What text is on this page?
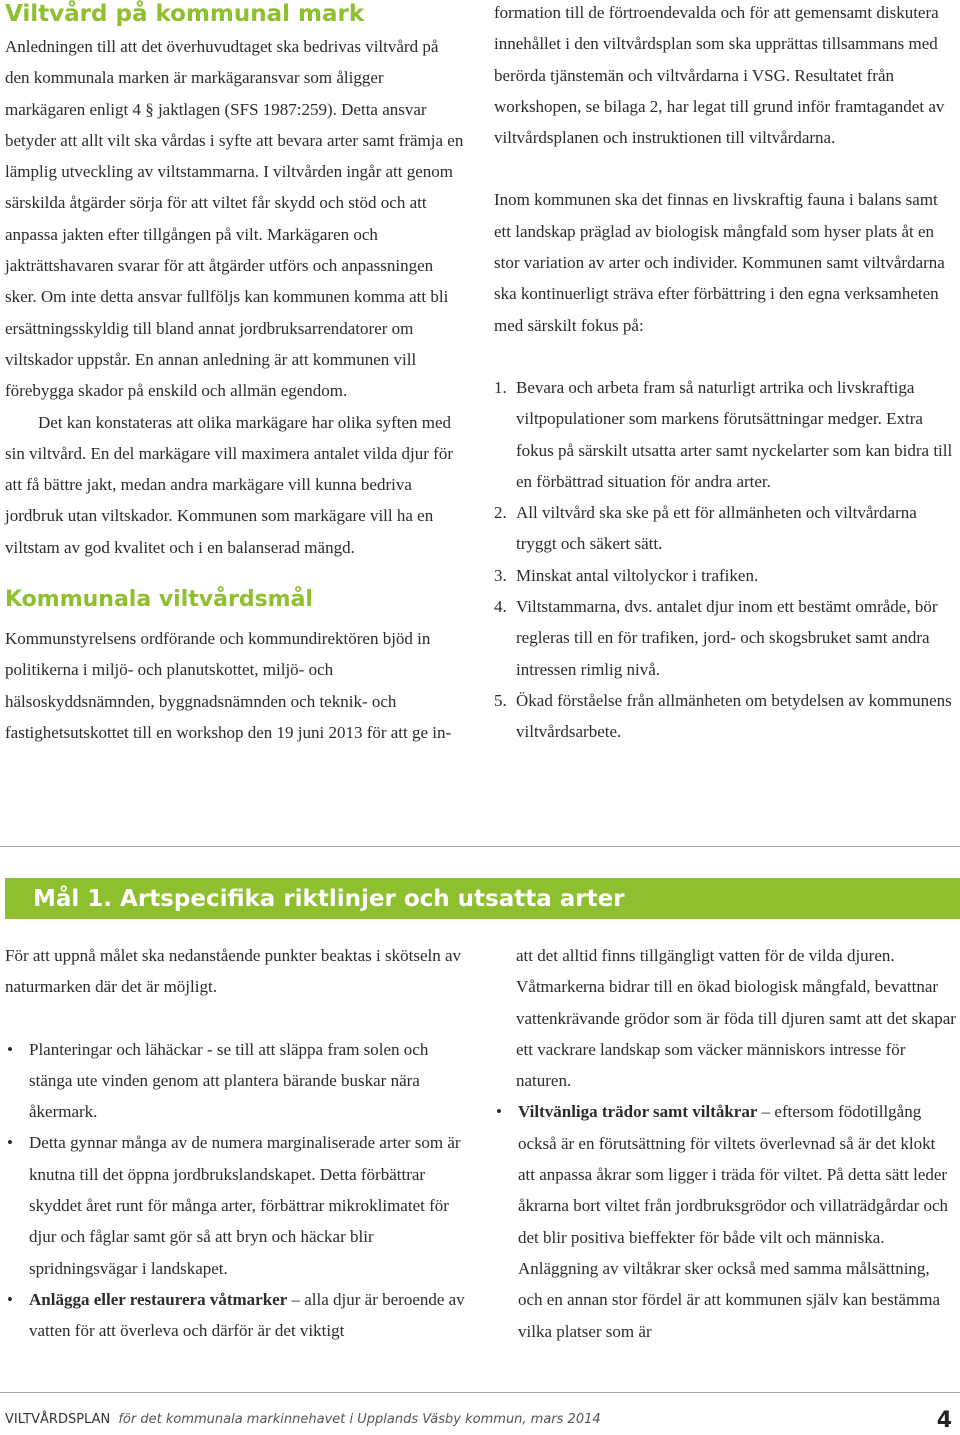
Viltvård på kommunal mark

Anledningen till att det överhuvudtaget ska bedrivas viltvård på den kommunala marken är markägaransvar som åligger markägaren enligt 4 § jaktlagen (SFS 1987:259). Detta ansvar betyder att allt vilt ska vårdas i syfte att bevara arter samt främja en lämplig utveckling av viltstammarna. I viltvården ingår att genom särskilda åtgärder sörja för att viltet får skydd och stöd och att anpassa jakten efter tillgången på vilt. Markägaren och jakträttshavaren svarar för att åtgärder utförs och anpassningen sker. Om inte detta ansvar fullföljs kan kommunen komma att bli ersättningsskyldig till bland annat jordbruksarrendatorer om viltskador uppstår. En annan anledning är att kommunen vill förebygga skador på enskild och allmän egendom.

Det kan konstateras att olika markägare har olika syften med sin viltvård. En del markägare vill maximera antalet vilda djur för att få bättre jakt, medan andra markägare vill kunna bedriva jordbruk utan viltskador. Kommunen som markägare vill ha en viltstam av god kvalitet och i en balanserad mängd.

Kommunala viltvårdsmål

Kommunstyrelsens ordförande och kommundirektören bjöd in politikerna i miljö- och planutskottet, miljö- och hälsoskyddsnämnden, byggnadsnämnden och teknik- och fastighetsutskottet till en workshop den 19 juni 2013 för att ge in-

formation till de förtroendevalda och för att gemensamt diskutera innehållet i den viltvårdsplan som ska upprättas tillsammans med berörda tjänstemän och viltvårdarna i VSG. Resultatet från workshopen, se bilaga 2, har legat till grund inför framtagandet av viltvårdsplanen och instruktionen till viltvårdarna.

Inom kommunen ska det finnas en livskraftig fauna i balans samt ett landskap präglad av biologisk mångfald som hyser plats åt en stor variation av arter och individer. Kommunen samt viltvårdarna ska kontinuerligt sträva efter förbättring i den egna verksamheten med särskilt fokus på:

1. Bevara och arbeta fram så naturligt artrika och livskraftiga viltpopulationer som markens förutsättningar medger. Extra fokus på särskilt utsatta arter samt nyckelarter som kan bidra till en förbättrad situation för andra arter.
2. All viltvård ska ske på ett för allmänheten och viltvårdarna tryggt och säkert sätt.
3. Minskat antal viltolyckor i trafiken.
4. Viltstammarna, dvs. antalet djur inom ett bestämt område, bör regleras till en för trafiken, jord- och skogsbruket samt andra intressen rimlig nivå.
5. Ökad förståelse från allmänheten om betydelsen av kommunens viltvårdsarbete.
Mål 1. Artspecifika riktlinjer och utsatta arter

För att uppnå målet ska nedanstående punkter beaktas i skötseln av naturmarken där det är möjligt.

• Planteringar och lähäckar - se till att släppa fram solen och stänga ute vinden genom att plantera bärande buskar nära åkermark.
• Detta gynnar många av de numera marginaliserade arter som är knutna till det öppna jordbrukslandskapet. Detta förbättrar skyddet året runt för många arter, förbättrar mikroklimatet för djur och fåglar samt gör så att bryn och häckar blir spridningsvägar i landskapet.
• Anlägga eller restaurera våtmarker – alla djur är beroende av vatten för att överleva och därför är det viktigt

att det alltid finns tillgängligt vatten för de vilda djuren. Våtmarkerna bidrar till en ökad biologisk mångfald, bevattnar vattenkrävande grödor som är föda till djuren samt att det skapar ett vackrare landskap som väcker människors intresse för naturen.

• Viltvänliga trädor samt viltåkrar – eftersom födotillgång också är en förutsättning för viltets överlevnad så är det klokt att anpassa åkrar som ligger i träda för viltet. På detta sätt leder åkrarna bort viltet från jordbruksgrödor och villaträdgårdar och det blir positiva bieffekter för både vilt och människa. Anläggning av viltåkrar sker också med samma målsättning, och en annan stor fördel är att kommunen själv kan bestämma vilka platser som är
VILTVÅRDSPLAN för det kommunala markinnehavet i Upplands Väsby kommun, mars 2014	4
